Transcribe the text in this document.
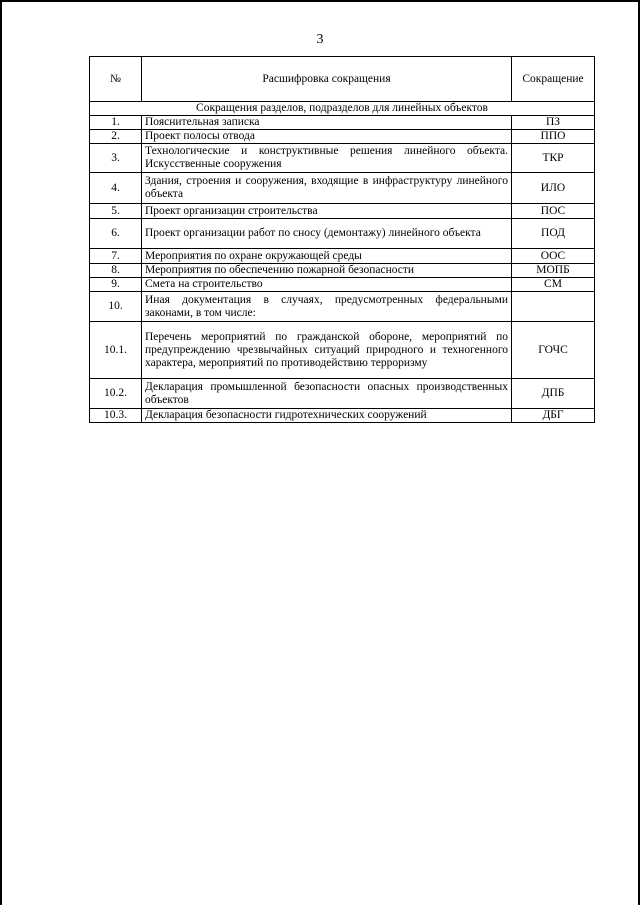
3
№	Расшифровка сокращения	Сокращение
Сокращения разделов, подразделов для линейных объектов		
1.	Пояснительная записка	ПЗ
2.	Проект полосы отвода	ППО
3.	Технологические и конструктивные решения линейного объекта. Искусственные сооружения	ТКР
4.	Здания, строения и сооружения, входящие в инфраструктуру линейного объекта	ИЛО
5.	Проект организации строительства	ПОС
6.	Проект организации работ по сносу (демонтажу) линейного объекта	ПОД
7.	Мероприятия по охране окружающей среды	ООС
8.	Мероприятия по обеспечению пожарной безопасности	МОПБ
9.	Смета на строительство	СМ
10.	Иная документация в случаях, предусмотренных федеральными законами, в том числе:	
10.1.	Перечень мероприятий по гражданской обороне, мероприятий по предупреждению чрезвычайных ситуаций природного и техногенного характера, мероприятий по противодействию терроризму	ГОЧС
10.2.	Декларация промышленной безопасности опасных производственных объектов	ДПБ
10.3.	Декларация безопасности гидротехнических сооружений	ДБГ
